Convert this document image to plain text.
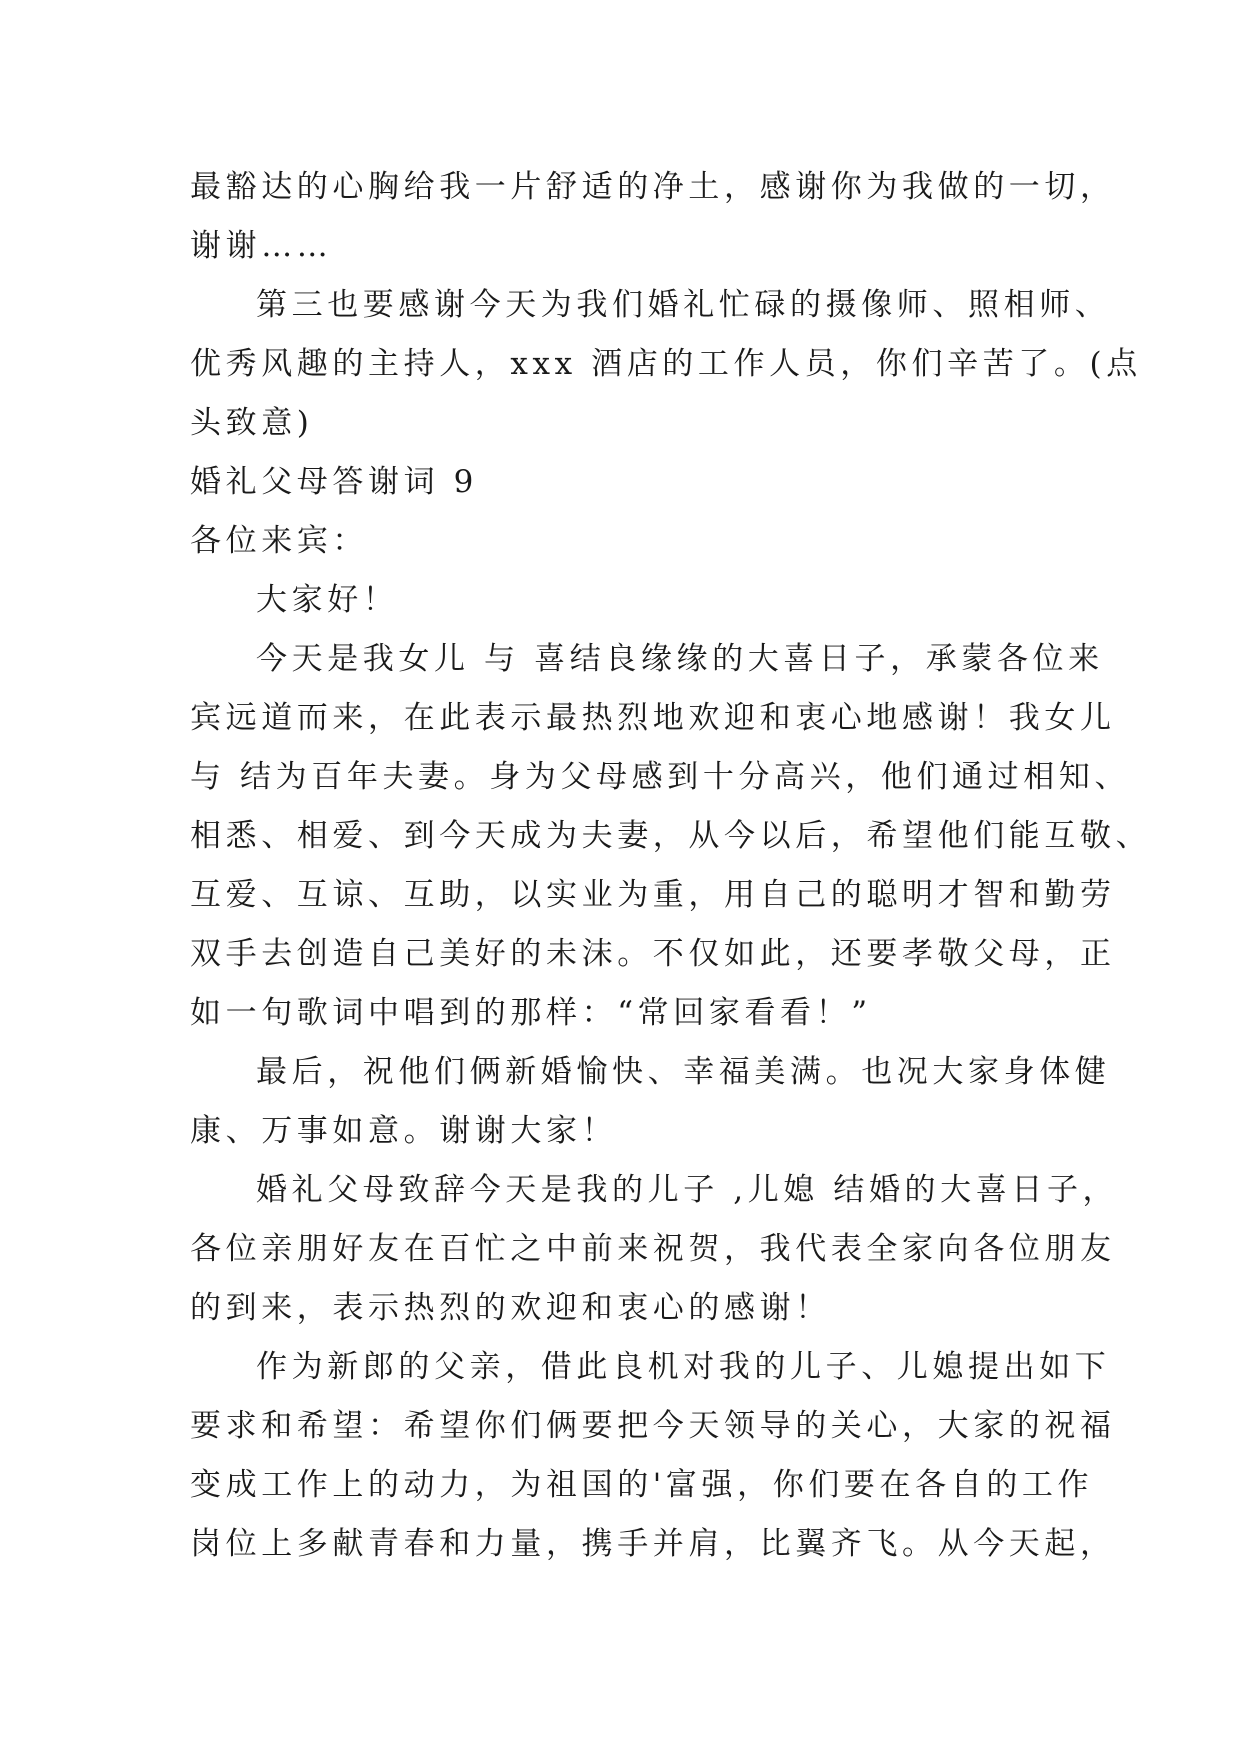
最豁达的心胸给我一片舒适的净土，感谢你为我做的一切，
谢谢……
第三也要感谢今天为我们婚礼忙碌的摄像师、照相师、
优秀风趣的主持人，xxx 酒店的工作人员，你们辛苦了。(点
头致意)
婚礼父母答谢词 9
各位来宾：
大家好！
今天是我女儿 与 喜结良缘缘的大喜日子，承蒙各位来
宾远道而来，在此表示最热烈地欢迎和衷心地感谢！我女儿
与 结为百年夫妻。身为父母感到十分高兴，他们通过相知、
相悉、相爱、到今天成为夫妻，从今以后，希望他们能互敬、
互爱、互谅、互助，以实业为重，用自己的聪明才智和勤劳
双手去创造自己美好的未沫。不仅如此，还要孝敬父母，正
如一句歌词中唱到的那样：“常回家看看！”
最后，祝他们俩新婚愉快、幸福美满。也况大家身体健
康、万事如意。谢谢大家！
婚礼父母致辞今天是我的儿子 ,儿媳 结婚的大喜日子，
各位亲朋好友在百忙之中前来祝贺，我代表全家向各位朋友
的到来，表示热烈的欢迎和衷心的感谢！
作为新郎的父亲，借此良机对我的儿子、儿媳提出如下
要求和希望：希望你们俩要把今天领导的关心，大家的祝福
变成工作上的动力，为祖国的'富强，你们要在各自的工作
岗位上多献青春和力量，携手并肩，比翼齐飞。从今天起，
